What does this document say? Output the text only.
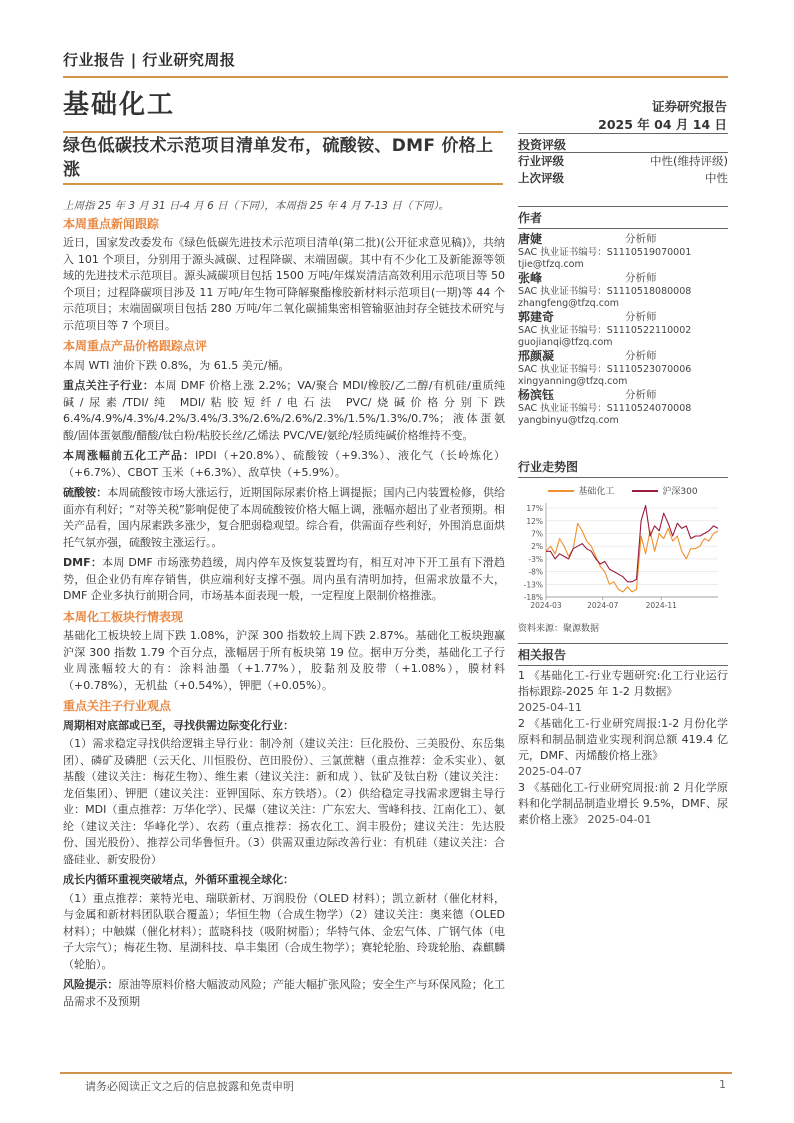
行业报告 | 行业研究周报
基础化工	证券研究报告
2025 年 04 月 14 日
绿色低碳技术示范项目清单发布，硫酸铵、DMF 价格上涨
投资评级
行业评级	中性(维持评级)
上次评级	中性
上周指 25 年 3 月 31 日-4 月 6 日（下同），本周指 25 年 4 月 7-13 日（下同）。
本周重点新闻跟踪
近日，国家发改委发布《绿色低碳先进技术示范项目清单(第二批)(公开征求意见稿)》，共纳入 101 个项目，分别用于源头减碳、过程降碳、末端固碳。其中有不少化工及新能源等领域的先进技术示范项目。源头减碳项目包括 1500 万吨/年煤炭清洁高效利用示范项目等 50 个项目；过程降碳项目涉及 11 万吨/年生物可降解聚酯橡胶新材料示范项目(一期)等 44 个示范项目；末端固碳项目包括 280 万吨/年二氧化碳捕集密相管输驱油封存全链技术研究与示范项目等 7 个项目。
本周重点产品价格跟踪点评
本周 WTI 油价下跌 0.8%，为 61.5 美元/桶。
重点关注子行业：本周 DMF 价格上涨 2.2%；VA/聚合 MDI/橡胶/乙二醇/有机硅/重质纯碱/尿素/TDI/纯 MDI/粘胶短纤/电石法 PVC/烧碱价格分别下跌 6.4%/4.9%/4.3%/4.2%/3.4%/3.3%/2.6%/2.6%/2.3%/1.5%/1.3%/0.7%；液体蛋氨酸/固体蛋氨酸/醋酸/钛白粉/粘胶长丝/乙烯法 PVC/VE/氨纶/轻质纯碱价格维持不变。
本周涨幅前五化工产品：IPDI（+20.8%）、硫酸铵（+9.3%）、液化气（长岭炼化）（+6.7%）、CBOT 玉米（+6.3%）、敌草快（+5.9%）。
硫酸铵：本周硫酸铵市场大涨运行，近期国际尿素价格上调提振；国内己内装置检修，供给面亦有利好；“对等关税”影响促使了本周硫酸铵价格大幅上调，涨幅亦超出了业者预期。相关产品看，国内尿素跌多涨少，复合肥弱稳观望。综合看，供需面存些利好，外围消息面烘托气氛亦强，硫酸铵主涨运行。。
DMF：本周 DMF 市场涨势趋缓，周内停车及恢复装置均有，相互对冲下开工虽有下滑趋势，但企业仍有库存销售，供应端利好支撑不强。周内虽有清明加持，但需求放量不大，DMF 企业多执行前期合同，市场基本面表现一般，一定程度上限制价格推涨。
本周化工板块行情表现
基础化工板块较上周下跌 1.08%，沪深 300 指数较上周下跌 2.87%。基础化工板块跑赢沪深 300 指数 1.79 个百分点，涨幅居于所有板块第 19 位。据申万分类，基础化工子行业周涨幅较大的有：涂料油墨（+1.77%），胶黏剂及胶带（+1.08%），膜材料（+0.78%），无机盐（+0.54%），钾肥（+0.05%）。
重点关注子行业观点
周期相对底部或已至，寻找供需边际变化行业：
（1）需求稳定寻找供给逻辑主导行业：制冷剂（建议关注：巨化股份、三美股份、东岳集团）、磷矿及磷肥（云天化、川恒股份、芭田股份）、三氯蔗糖（重点推荐：金禾实业）、氨基酸（建议关注：梅花生物）、维生素（建议关注：新和成 ）、钛矿及钛白粉（建议关注：龙佰集团）、钾肥（建议关注：亚钾国际、东方铁塔）。（2）供给稳定寻找需求逻辑主导行业：MDI（重点推荐：万华化学）、民爆（建议关注：广东宏大、雪峰科技、江南化工）、氨纶（建议关注：华峰化学）、农药（重点推荐：扬农化工、润丰股份；建议关注：先达股份、国光股份）、推荐公司华鲁恒升。（3）供需双重边际改善行业：有机硅（建议关注：合盛硅业、新安股份）
成长内循环重视突破堵点，外循环重视全球化：
（1）重点推荐：莱特光电、瑞联新材、万润股份（OLED 材料）；凯立新材（催化材料，与金属和新材料团队联合覆盖）；华恒生物（合成生物学）（2）建议关注：奥来德（OLED 材料）；中触媒（催化材料）；蓝晓科技（吸附树脂）；华特气体、金宏气体、广钢气体（电子大宗气）；梅花生物、星湖科技、阜丰集团（合成生物学）；赛轮轮胎、玲珑轮胎、森麒麟（轮胎）。
风险提示：原油等原料价格大幅波动风险；产能大幅扩张风险；安全生产与环保风险；化工品需求不及预期
作者
唐婕	分析师
SAC 执业证书编号：S1110519070001
tjie@tfzq.com
张峰	分析师
SAC 执业证书编号：S1110518080008
zhangfeng@tfzq.com
郭建奇	分析师
SAC 执业证书编号：S1110522110002
guojianqi@tfzq.com
邢颜凝	分析师
SAC 执业证书编号：S1110523070006
xingyanning@tfzq.com
杨滨钰	分析师
SAC 执业证书编号：S1110524070008
yangbinyu@tfzq.com
行业走势图
基础化工	沪深300
17%
12%
7%
2%
-3%
-8%
-13%
-18%
2024-03	2024-07	2024-11
资料来源：聚源数据
相关报告
1 《基础化工-行业专题研究:化工行业运行指标跟踪-2025 年 1-2 月数据》
2025-04-11
2 《基础化工-行业研究周报:1-2 月份化学原料和制品制造业实现利润总额 419.4 亿元，DMF、丙烯酸价格上涨》
2025-04-07
3 《基础化工-行业研究周报:前 2 月化学原料和化学制品制造业增长 9.5%，DMF、尿素价格上涨》 2025-04-01
请务必阅读正文之后的信息披露和免责申明	1
